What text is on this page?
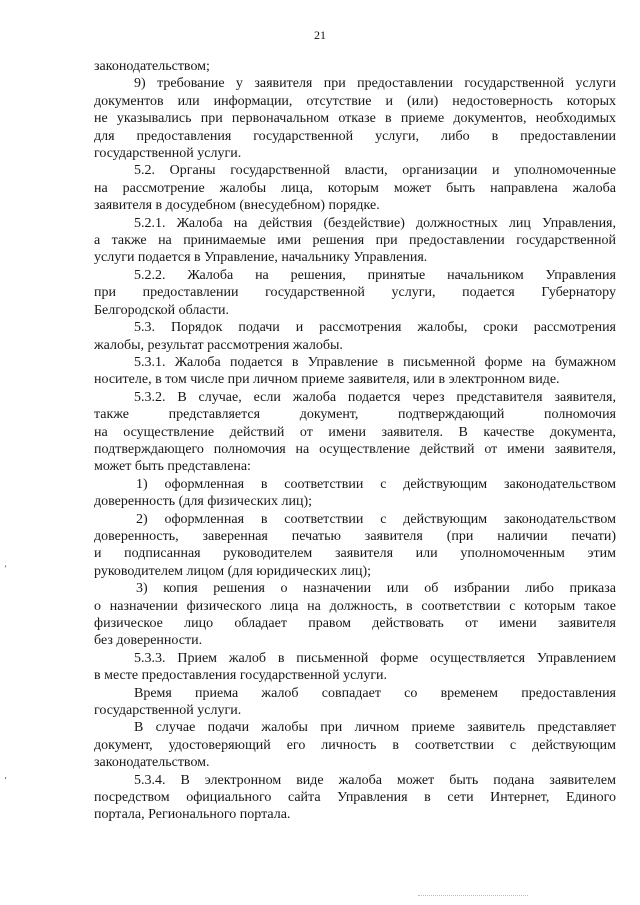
21
ʼ
،

законодательством;

9) требование у заявителя при предоставлении государственной услуги
документов или информации, отсутствие и (или) недостоверность которых
не указывались при первоначальном отказе в приеме документов, необходимых
для предоставления государственной услуги, либо в предоставлении
государственной услуги.

5.2. Органы государственной власти, организации и уполномоченные
на рассмотрение жалобы лица, которым может быть направлена жалоба
заявителя в досудебном (внесудебном) порядке.

5.2.1. Жалоба на действия (бездействие) должностных лиц Управления,
а также на принимаемые ими решения при предоставлении государственной
услуги подается в Управление, начальнику Управления.

5.2.2. Жалоба на решения, принятые начальником Управления
при предоставлении государственной услуги, подается Губернатору
Белгородской области.

5.3. Порядок подачи и рассмотрения жалобы, сроки рассмотрения
жалобы, результат рассмотрения жалобы.

5.3.1. Жалоба подается в Управление в письменной форме на бумажном
носителе, в том числе при личном приеме заявителя, или в электронном виде.

5.3.2. В случае, если жалоба подается через представителя заявителя,
также представляется документ, подтверждающий полномочия
на осуществление действий от имени заявителя. В качестве документа,
подтверждающего полномочия на осуществление действий от имени заявителя,
может быть представлена:

1) оформленная в соответствии с действующим законодательством
доверенность (для физических лиц);

2) оформленная в соответствии с действующим законодательством
доверенность, заверенная печатью заявителя (при наличии печати)
и подписанная руководителем заявителя или уполномоченным этим
руководителем лицом (для юридических лиц);

3) копия решения о назначении или об избрании либо приказа
о назначении физического лица на должность, в соответствии с которым такое
физическое лицо обладает правом действовать от имени заявителя
без доверенности.

5.3.3. Прием жалоб в письменной форме осуществляется Управлением
в месте предоставления государственной услуги.

Время приема жалоб совпадает со временем предоставления
государственной услуги.

В случае подачи жалобы при личном приеме заявитель представляет
документ, удостоверяющий его личность в соответствии с действующим
законодательством.

5.3.4. В электронном виде жалоба может быть подана заявителем
посредством официального сайта Управления в сети Интернет, Единого
портала, Регионального портала.
